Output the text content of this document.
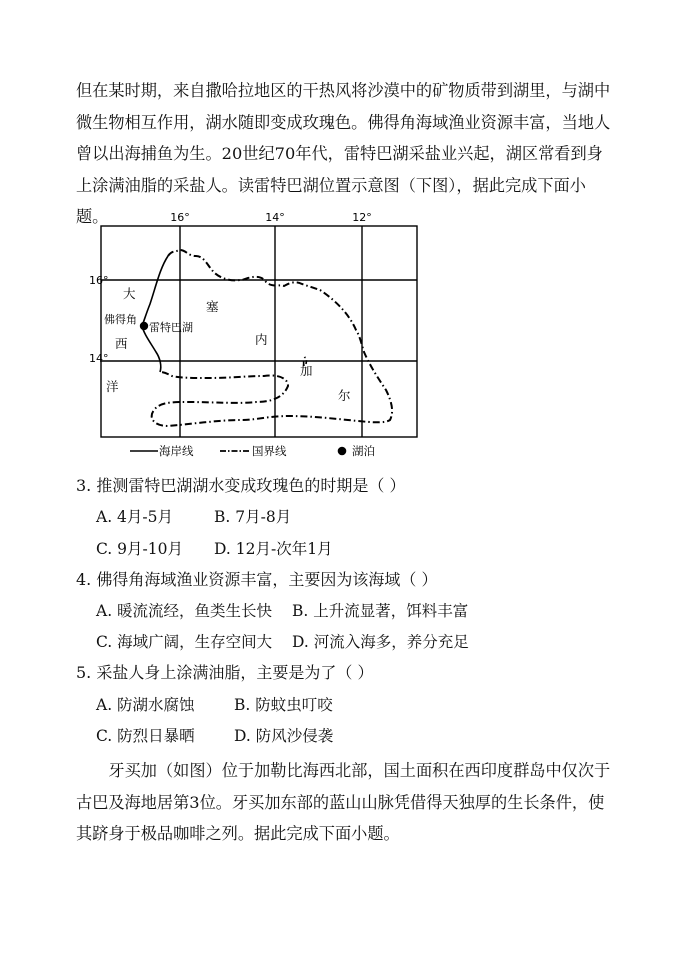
但在某时期，来自撒哈拉地区的干热风将沙漠中的矿物质带到湖里，与湖中微生物相互作用，湖水随即变成玫瑰色。佛得角海域渔业资源丰富，当地人曾以出海捕鱼为生。20世纪70年代，雷特巴湖采盐业兴起，湖区常看到身上涂满油脂的采盐人。读雷特巴湖位置示意图（下图），据此完成下面小题。	16°	14°	12°
16°
14°
大
佛得角
雷特巴湖
西
洋
塞
内
加
尔
海岸线	国界线	湖泊
3. 推测雷特巴湖湖水变成玫瑰色的时期是（ ）
A. 4月-5月	B. 7月-8月
C. 9月-10月 D. 12月-次年1月
4. 佛得角海域渔业资源丰富，主要因为该海域（ ）
A. 暖流流经，鱼类生长快 B. 上升流显著，饵料丰富
C. 海域广阔，生存空间大 D. 河流入海多，养分充足
5. 采盐人身上涂满油脂，主要是为了（ ）
A. 防湖水腐蚀	B. 防蚊虫叮咬
C. 防烈日暴晒	D. 防风沙侵袭

牙买加（如图）位于加勒比海西北部，国土面积在西印度群岛中仅次于古巴及海地居第3位。牙买加东部的蓝山山脉凭借得天独厚的生长条件，使其跻身于极品咖啡之列。据此完成下面小题。
